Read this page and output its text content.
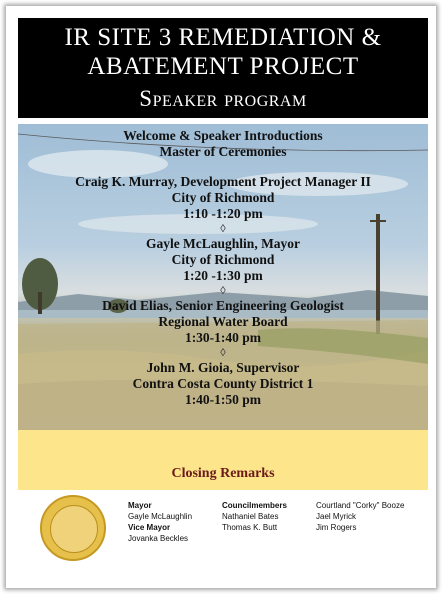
IR SITE 3 REMEDIATION &
ABATEMENT PROJECT
Speaker program
Welcome & Speaker Introductions
Master of Ceremonies
Craig K. Murray, Development Project Manager II
City of Richmond
1:10 -1:20 pm
◊
Gayle McLaughlin, Mayor
City of Richmond
1:20 -1:30 pm
◊
David Elias, Senior Engineering Geologist
Regional Water Board
1:30-1:40 pm
◊
John M. Gioia, Supervisor
Contra Costa County District 1
1:40-1:50 pm
Closing Remarks
Mayor
Gayle McLaughlin
Vice Mayor
Jovanka Beckles
Councilmembers
Nathaniel Bates
Thomas K. Butt
Courtland "Corky" Booze
Jael Myrick
Jim Rogers
